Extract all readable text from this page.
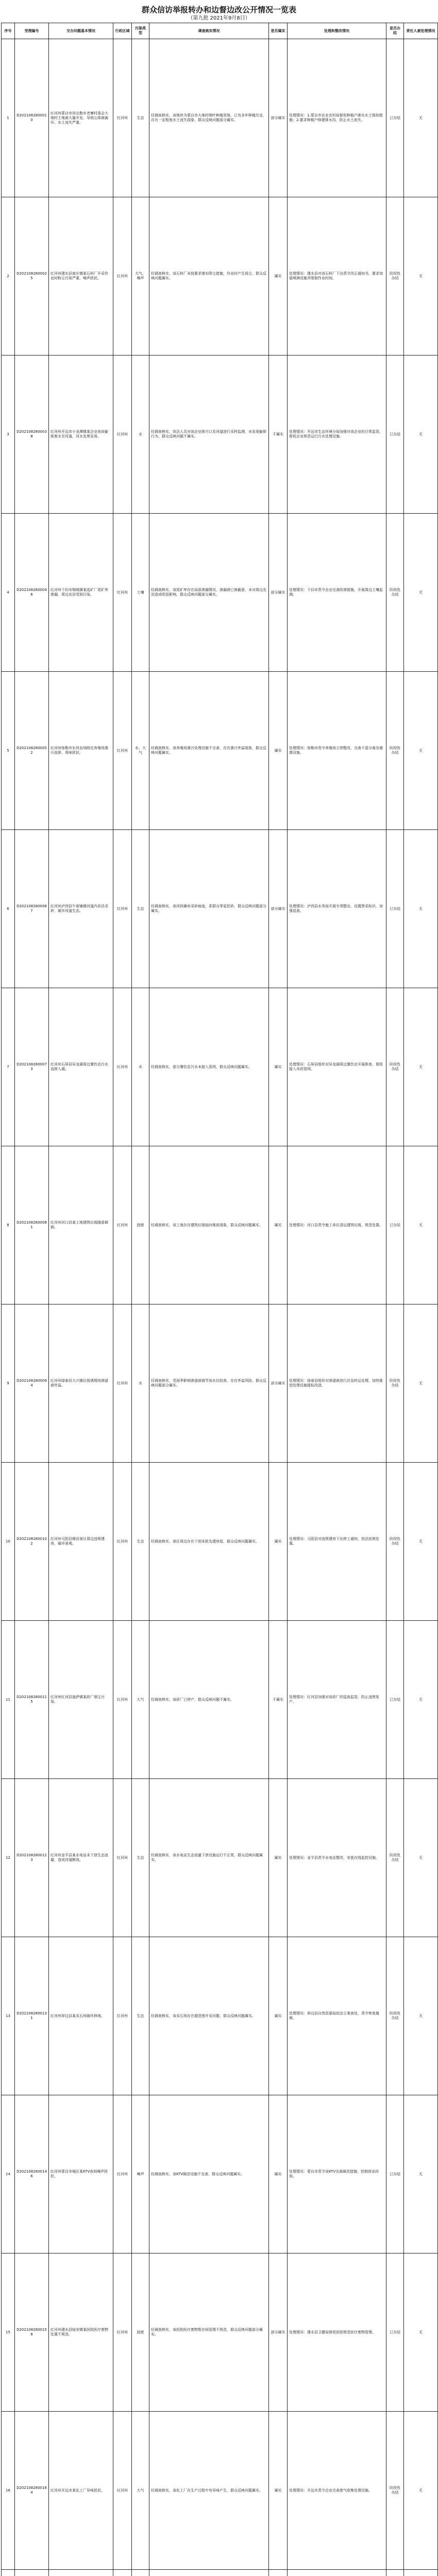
群众信访举报转办和边督边改公开情况一览表
（第九批 2021年9月8日）
序号	受理编号	交办问题基本情况	行政区域	污染类型	调查核实情况	是否属实	处理和整改情况	是否办结	责任人被处理情况
1	D2021082800010	红河州蒙自市西北勒乡老寨村委会大地村土地被大量开发，导致山体被破坏、水土流失严重。	红河州	生态	经调查核实，该地块为蒙自市大地村烟叶种植用地，已有多年种植历史，存在一定程度水土流失现象，群众反映问题部分属实。	部分属实	处理情况：1.蒙自市农业农村局督促种植户落实水土保持措施；2.要求种植户修建排水沟，防止水土流失。	已办结	无
2	D2021082800025	红河州建水县南庄镇某石料厂开采作业时粉尘污染严重，噪声扰民。	红河州	大气、噪声	经调查核实，该石料厂未按要求落实降尘措施，作业时产生扬尘，群众反映问题属实。	属实	处理情况：建水县对该石料厂下达责令改正通知书，要求加装喷淋设施并限制作业时间。	阶段性办结	无
3	D2021082800038	红河州开远市小龙潭镇某企业夜间偷排废水至河道，河水发黑发臭。	红河州	水	经调查核实，执法人员对该企业排污口及河道进行采样监测，未发现偷排行为，群众反映问题不属实。	不属实	处理情况：开远市生态环境分局加强对该企业的日常监管，督促企业规范运行污水处理设施。	已办结	无
4	D2021082800046	红河州个旧市锡城镇某选矿厂尾矿库渗漏，周边农田受到污染。	红河州	土壤	经调查核实，该尾矿库存在局部渗漏情况，渗漏液已被截留，未对周边农田造成明显影响，群众反映问题部分属实。	部分属实	处理情况：个旧市责令企业完善防渗措施，开展周边土壤监测。	阶段性办结	无
5	D2021082800052	红河州弥勒市东风农场附近养殖场粪污直排，臭味扰民。	红河州	水、大气	经调查核实，该养殖场粪污处理设施不完善，存在粪污外溢现象，群众反映问题属实。	属实	处理情况：弥勒市责令养殖场立即整改，完善干湿分离及储粪设施。	阶段性办结	无
6	D2021082800067	红河州泸西县午街铺镇河道内非法采砂，破坏河道生态。	红河州	生态	经调查核实，该河段确有采砂痕迹，系群众零星挖砂，群众反映问题部分属实。	部分属实	处理情况：泸西县水务局开展专项整治，设置禁采标识，加强巡查。	已办结	无
7	D2021082800073	红河州石屏县异龙湖周边餐饮店污水直排入湖。	红河州	水	经调查核实，部分餐饮店污水未接入管网，群众反映问题属实。	属实	处理情况：石屏县组织对异龙湖周边餐饮店开展排查，督促接入市政管网。	阶段性办结	无
8	D2021082800081	红河州河口县某工地建筑垃圾随意倾倒。	红河州	固废	经调查核实，该工地存在建筑垃圾临时堆放现象，群众反映问题属实。	属实	处理情况：河口县责令施工单位清运建筑垃圾，规范处置。	已办结	无
9	D2021082800094	红河州绿春县大兴镇垃圾填埋场渗滤液外溢。	红河州	水	经调查核实，受雨季影响渗滤液调节池水位较高，存在外溢风险，群众反映问题部分属实。	部分属实	处理情况：绿春县组织对渗滤液进行应急转运处理，加快推进处理设施提标改造。	阶段性办结	无
10	D2021082800102	红河州元阳县梯田景区周边违规建房，破坏景观。	红河州	生态	经调查核实，景区周边存在个别未批先建房屋，群众反映问题属实。	属实	处理情况：元阳县对违规建房下达停工通知，依法依规处置。	阶段性办结	无
11	D2021082800115	红河州红河县迤萨镇某砖厂烟尘污染。	红河州	大气	经调查核实，该砖厂已停产，群众反映问题不属实。	不属实	处理情况：红河县加强对该砖厂的巡查监管，防止违规复产。	已办结	无
12	D2021082800123	红河州金平县某水电站未下泄生态流量，造成河道断流。	红河州	生态	经调查核实，该水电站生态流量下泄设施运行不正常，群众反映问题属实。	属实	处理情况：金平县责令水电站整改，安装在线监控设施。	阶段性办结	无
13	D2021082800131	红河州屏边县某采石场破坏林地。	红河州	生态	经调查核实，该采石场存在超范围开采问题，群众反映问题属实。	属实	处理情况：屏边县自然资源局依法立案查处，责令恢复植被。	阶段性办结	无
14	D2021082800146	红河州蒙自市城区某KTV夜间噪声扰民。	红河州	噪声	经调查核实，该KTV隔音设施不完善，群众反映问题属实。	属实	处理情况：蒙自市责令该KTV完善隔音措施，控制营业时间。	已办结	无
15	D2021082800158	红河州建水县临安镇某医院医疗废物处置不规范。	红河州	固废	经调查核实，该医院医疗废物暂存间管理不规范，群众反映问题部分属实。	部分属实	处理情况：建水县卫健局督促医院规范医疗废物管理。	已办结	无
16	D2021082800164	红河州开远市某化工厂异味扰民。	红河州	大气	经调查核实，该化工厂在生产过程中有异味产生，群众反映问题属实。	属实	处理情况：开远市责令企业完善废气收集处理设施。	阶段性办结	无
